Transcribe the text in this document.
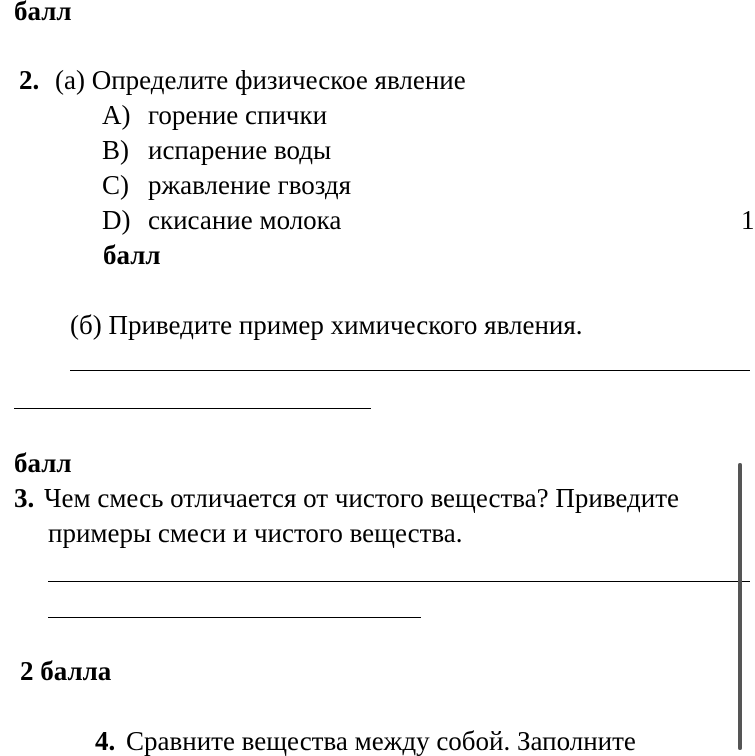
балл
2. (а) Определите физическое явление
A) горение спички
B) испарение воды
C) ржавление гвоздя
D) скисание молока	1
балл
(б) Приведите пример химического явления.
балл
3. Чем смесь отличается от чистого вещества? Приведите
примеры смеси и чистого вещества.
2 балла
4. Сравните вещества между собой. Заполните
